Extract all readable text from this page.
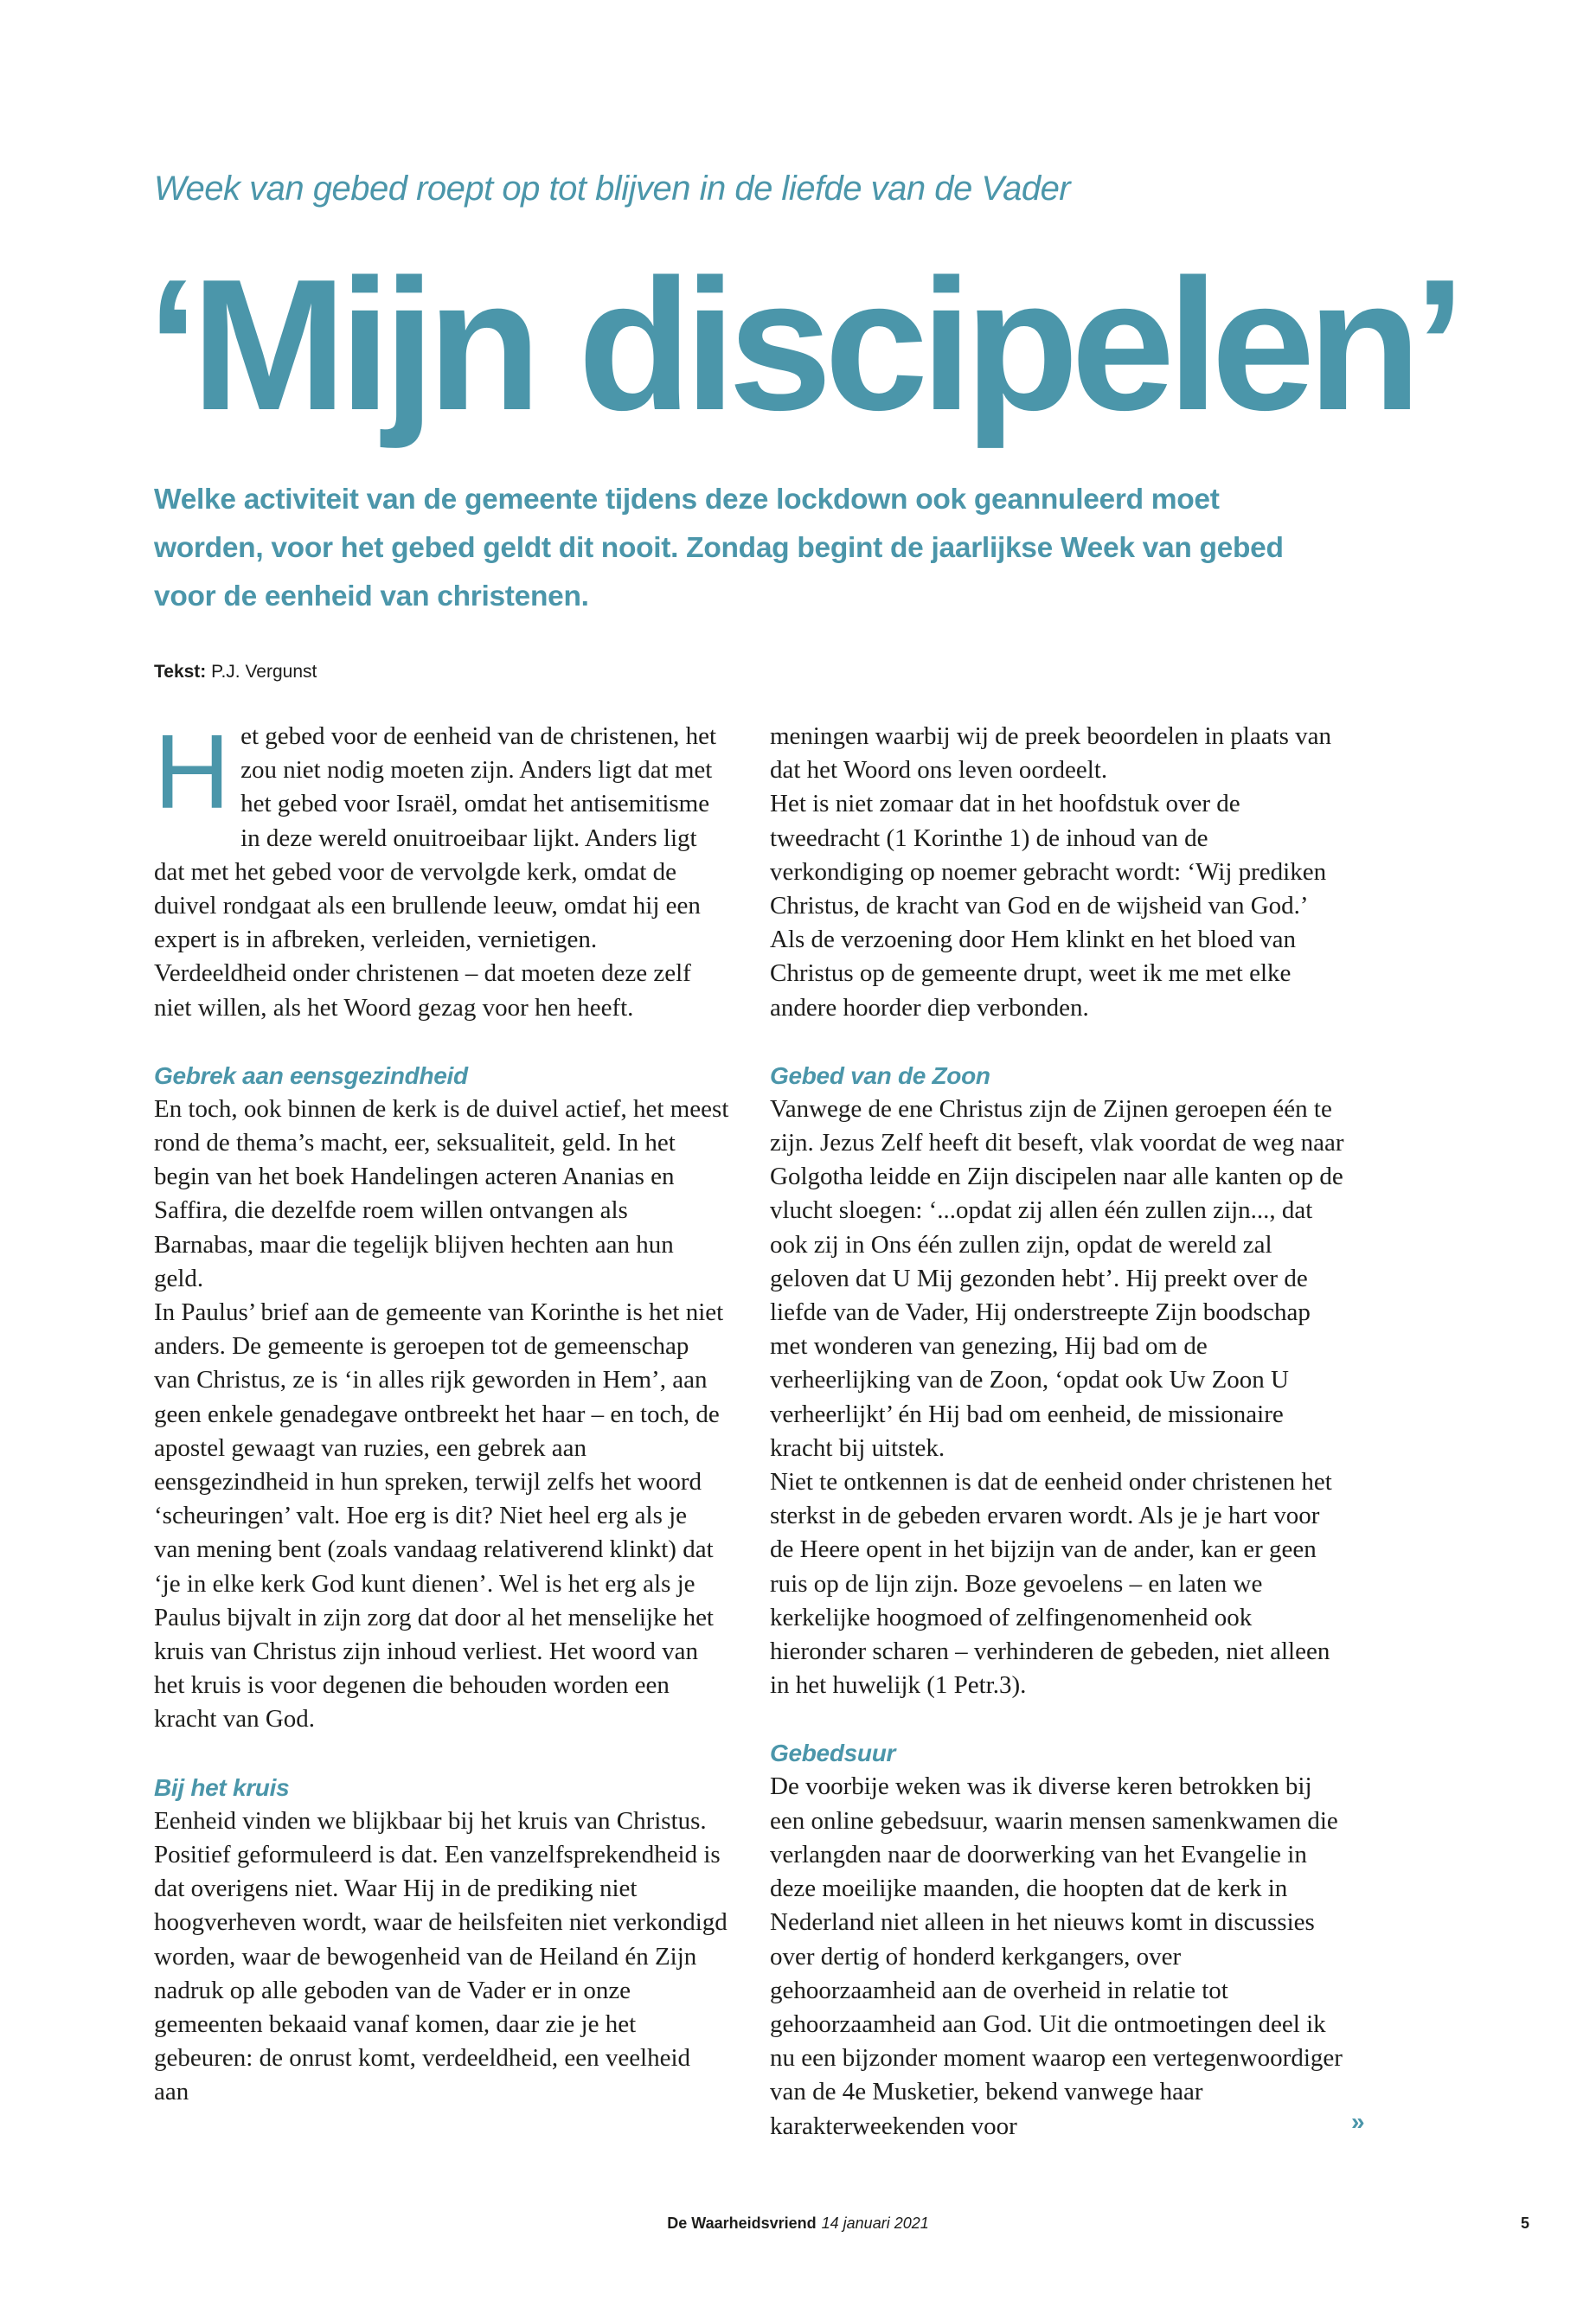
Week van gebed roept op tot blijven in de liefde van de Vader
‘Mijn discipelen’
Welke activiteit van de gemeente tijdens deze lockdown ook geannuleerd moet worden, voor het gebed geldt dit nooit. Zondag begint de jaarlijkse Week van gebed voor de eenheid van christenen.
Tekst: P.J. Vergunst

Het gebed voor de eenheid van de christenen, het zou niet nodig moeten zijn. Anders ligt dat met het gebed voor Israël, omdat het antisemitisme in deze wereld onuitroeibaar lijkt. Anders ligt dat met het gebed voor de vervolgde kerk, omdat de duivel rondgaat als een brullende leeuw, omdat hij een expert is in afbreken, verleiden, vernietigen. Verdeeldheid onder christenen – dat moeten deze zelf niet willen, als het Woord gezag voor hen heeft.

Gebrek aan eensgezindheid

En toch, ook binnen de kerk is de duivel actief, het meest rond de thema’s macht, eer, seksualiteit, geld. In het begin van het boek Handelingen acteren Ananias en Saffira, die dezelfde roem willen ontvangen als Barnabas, maar die tegelijk blijven hechten aan hun geld.

In Paulus’ brief aan de gemeente van Korinthe is het niet anders. De gemeente is geroepen tot de gemeenschap van Christus, ze is ‘in alles rijk geworden in Hem’, aan geen enkele genadegave ontbreekt het haar – en toch, de apostel gewaagt van ruzies, een gebrek aan eensgezindheid in hun spreken, terwijl zelfs het woord ‘scheuringen’ valt. Hoe erg is dit? Niet heel erg als je van mening bent (zoals vandaag relativerend klinkt) dat ‘je in elke kerk God kunt dienen’. Wel is het erg als je Paulus bijvalt in zijn zorg dat door al het menselijke het kruis van Christus zijn inhoud verliest. Het woord van het kruis is voor degenen die behouden worden een kracht van God.

Bij het kruis

Eenheid vinden we blijkbaar bij het kruis van Christus. Positief geformuleerd is dat. Een vanzelfsprekendheid is dat overigens niet. Waar Hij in de prediking niet hoogverheven wordt, waar de heilsfeiten niet verkondigd worden, waar de bewogenheid van de Heiland én Zijn nadruk op alle geboden van de Vader er in onze gemeenten bekaaid vanaf komen, daar zie je het gebeuren: de onrust komt, verdeeldheid, een veelheid aan

meningen waarbij wij de preek beoordelen in plaats van dat het Woord ons leven oordeelt.

Het is niet zomaar dat in het hoofdstuk over de tweedracht (1 Korinthe 1) de inhoud van de verkondiging op noemer gebracht wordt: ‘Wij prediken Christus, de kracht van God en de wijsheid van God.’ Als de verzoening door Hem klinkt en het bloed van Christus op de gemeente drupt, weet ik me met elke andere hoorder diep verbonden.

Gebed van de Zoon

Vanwege de ene Christus zijn de Zijnen geroepen één te zijn. Jezus Zelf heeft dit beseft, vlak voordat de weg naar Golgotha leidde en Zijn discipelen naar alle kanten op de vlucht sloegen: ‘...opdat zij allen één zullen zijn..., dat ook zij in Ons één zullen zijn, opdat de wereld zal geloven dat U Mij gezonden hebt’. Hij preekt over de liefde van de Vader, Hij onderstreepte Zijn boodschap met wonderen van genezing, Hij bad om de verheerlijking van de Zoon, ‘opdat ook Uw Zoon U verheerlijkt’ én Hij bad om eenheid, de missionaire kracht bij uitstek.

Niet te ontkennen is dat de eenheid onder christenen het sterkst in de gebeden ervaren wordt. Als je je hart voor de Heere opent in het bijzijn van de ander, kan er geen ruis op de lijn zijn. Boze gevoelens – en laten we kerkelijke hoogmoed of zelfingenomenheid ook hieronder scharen – verhinderen de gebeden, niet alleen in het huwelijk (1 Petr.3).

Gebedsuur

De voorbije weken was ik diverse keren betrokken bij een online gebedsuur, waarin mensen samenkwamen die verlangden naar de doorwerking van het Evangelie in deze moeilijke maanden, die hoopten dat de kerk in Nederland niet alleen in het nieuws komt in discussies over dertig of honderd kerkgangers, over gehoorzaamheid aan de overheid in relatie tot gehoorzaamheid aan God. Uit die ontmoetingen deel ik nu een bijzonder moment waarop een vertegenwoordiger van de 4e Musketier, bekend vanwege haar karakterweekenden voor	»
De Waarheidsvriend 14 januari 2021	5
